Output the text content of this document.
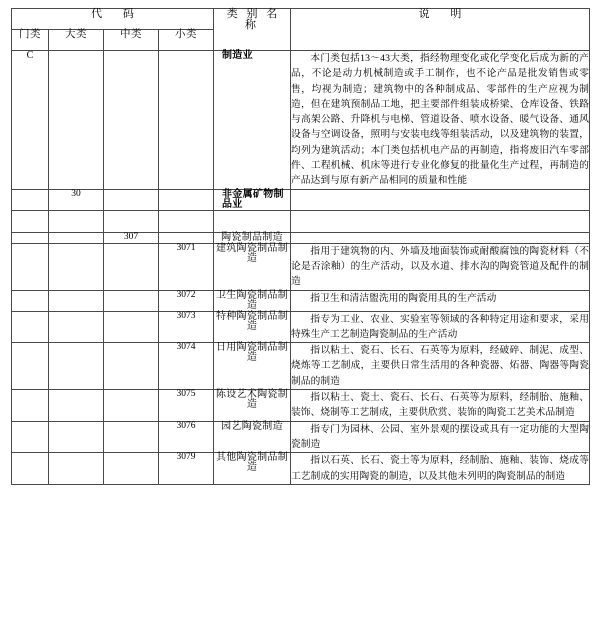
代 码				类 别 名 称	说 明
门类	大类	中类	小类		
C				制造业	本门类包括13～43大类，指经物理变化或化学变化后成为新的产品，不论是动力机械制造或手工制作，也不论产品是批发销售或零售，均视为制造；建筑物中的各种制成品、零部件的生产应视为制造，但在建筑预制品工地，把主要部件组装成桥梁、仓库设备、铁路与高架公路、升降机与电梯、管道设备、喷水设备、暖气设备、通风设备与空调设备，照明与安装电线等组装活动，以及建筑物的装置，均列为建筑活动；本门类包括机电产品的再制造，指将废旧汽车零部件、工程机械、机床等进行专业化修复的批量化生产过程，再制造的产品达到与原有新产品相同的质量和性能

	30			非金属矿物制品业	

		307		陶瓷制品制造	
			3071	建筑陶瓷制品制造	指用于建筑物的内、外墙及地面装饰或耐酸腐蚀的陶瓷材料（不论是否涂釉）的生产活动，以及水道、排水沟的陶瓷管道及配件的制造

			3072	卫生陶瓷制品制造	指卫生和清洁盥洗用的陶瓷用具的生产活动

			3073	特种陶瓷制品制造	指专为工业、农业、实验室等领域的各种特定用途和要求，采用特殊生产工艺制造陶瓷制品的生产活动

			3074	日用陶瓷制品制造	指以粘土、瓷石、长石、石英等为原料，经破碎、制泥、成型、烧炼等工艺制成，主要供日常生活用的各种瓷器、炻器、陶器等陶瓷制品的制造

			3075	陈设艺术陶瓷制造	指以粘土、瓷土、瓷石、长石、石英等为原料，经制胎、施釉、装饰、烧制等工艺制成，主要供欣赏、装饰的陶瓷工艺美术品制造

			3076	园艺陶瓷制造	指专门为园林、公园、室外景观的摆设或具有一定功能的大型陶瓷制造

			3079	其他陶瓷制品制造	指以石英、长石、瓷土等为原料，经制胎、施釉、装饰、烧成等工艺制成的实用陶瓷的制造，以及其他未列明的陶瓷制品的制造
